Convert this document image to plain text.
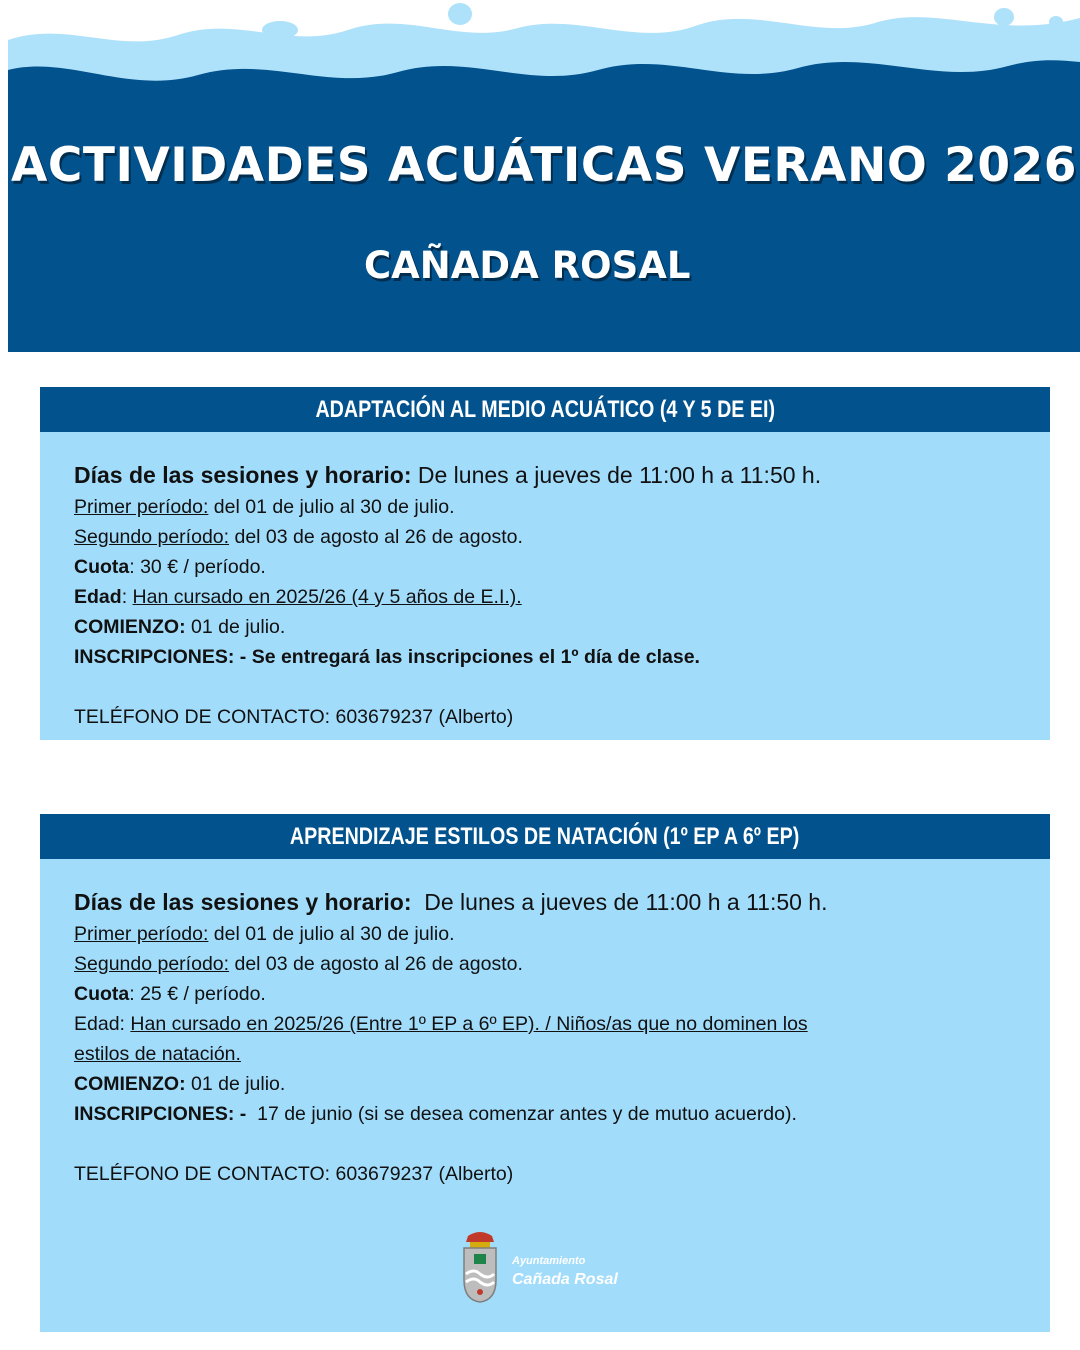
ACTIVIDADES ACUÁTICAS VERANO 2026
CAÑADA ROSAL
ADAPTACIÓN AL MEDIO ACUÁTICO (4 Y 5 DE EI)
Días de las sesiones y horario: De lunes a jueves de 11:00 h a 11:50 h.
Primer período: del 01 de julio al 30 de julio.
Segundo período: del 03 de agosto al 26 de agosto.
Cuota: 30 € / período.
Edad: Han cursado en 2025/26 (4 y 5 años de E.I.).
COMIENZO: 01 de julio.
INSCRIPCIONES: - Se entregará las inscripciones el 1º día de clase.
TELÉFONO DE CONTACTO: 603679237 (Alberto)
APRENDIZAJE ESTILOS DE NATACIÓN (1º EP A 6º EP)
Días de las sesiones y horario:  De lunes a jueves de 11:00 h a 11:50 h.
Primer período: del 01 de julio al 30 de julio.
Segundo período: del 03 de agosto al 26 de agosto.
Cuota: 25 € / período.
Edad: Han cursado en 2025/26 (Entre 1º EP a 6º EP). / Niños/as que no dominen los
estilos de natación.
COMIENZO: 01 de julio.
INSCRIPCIONES: -  17 de junio (si se desea comenzar antes y de mutuo acuerdo).
TELÉFONO DE CONTACTO: 603679237 (Alberto)
Ayuntamiento
Cañada Rosal
